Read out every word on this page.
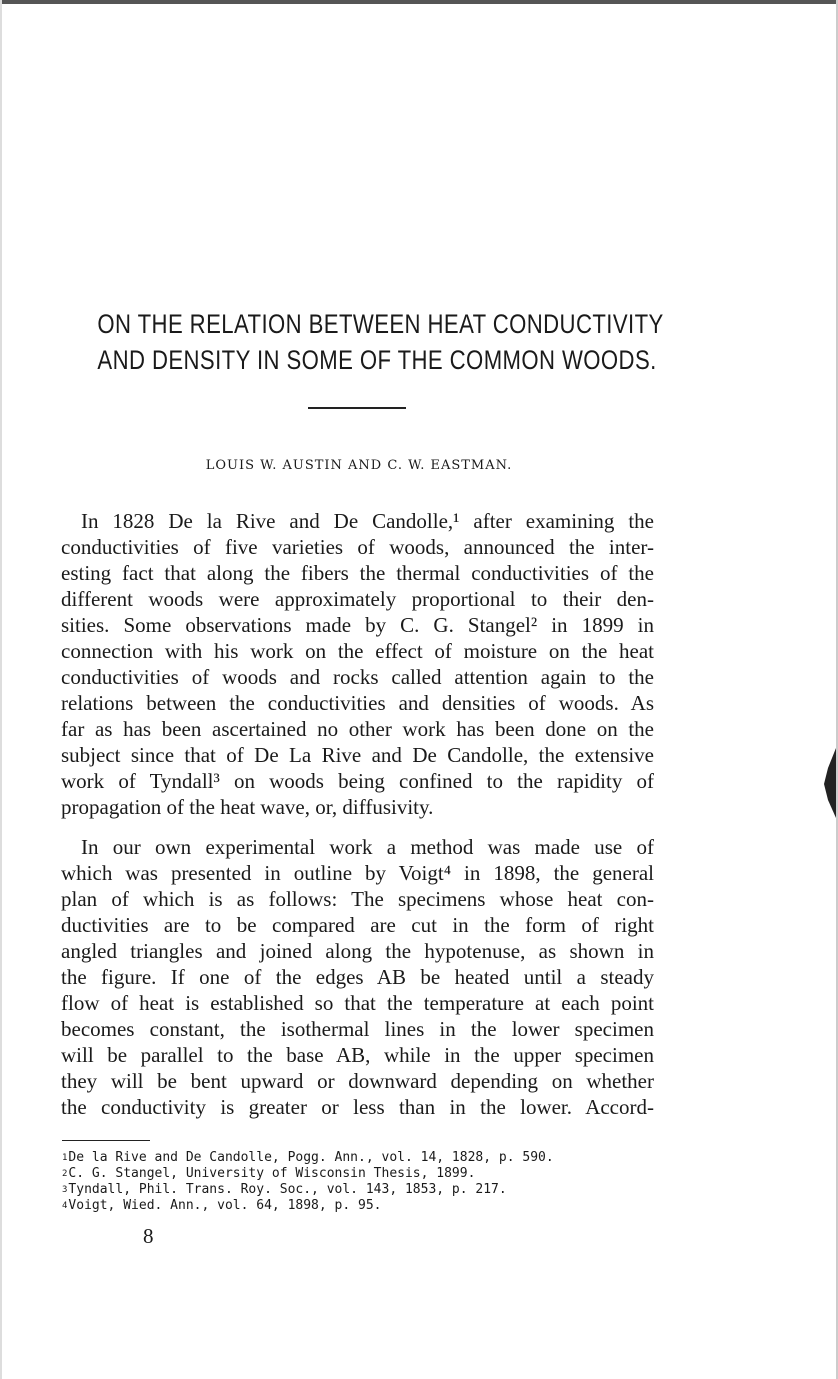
ON THE RELATION BETWEEN HEAT CONDUCTIVITY
AND DENSITY IN SOME OF THE COMMON WOODS.
LOUIS W. AUSTIN AND C. W. EASTMAN.
In 1828 De la Rive and De Candolle,¹ after examining the
conductivities of five varieties of woods, announced the inter-
esting fact that along the fibers the thermal conductivities of the
different woods were approximately proportional to their den-
sities. Some observations made by C. G. Stangel² in 1899 in
connection with his work on the effect of moisture on the heat
conductivities of woods and rocks called attention again to the
relations between the conductivities and densities of woods. As
far as has been ascertained no other work has been done on the
subject since that of De La Rive and De Candolle, the extensive
work of Tyndall³ on woods being confined to the rapidity of
propagation of the heat wave, or, diffusivity.
In our own experimental work a method was made use of
which was presented in outline by Voigt⁴ in 1898, the general
plan of which is as follows: The specimens whose heat con-
ductivities are to be compared are cut in the form of right
angled triangles and joined along the hypotenuse, as shown in
the figure. If one of the edges AB be heated until a steady
flow of heat is established so that the temperature at each point
becomes constant, the isothermal lines in the lower specimen
will be parallel to the base AB, while in the upper specimen
they will be bent upward or downward depending on whether
the conductivity is greater or less than in the lower. Accord-
1De la Rive and De Candolle, Pogg. Ann., vol. 14, 1828, p. 590.
2C. G. Stangel, University of Wisconsin Thesis, 1899.
3Tyndall, Phil. Trans. Roy. Soc., vol. 143, 1853, p. 217.
4Voigt, Wied. Ann., vol. 64, 1898, p. 95.
8
